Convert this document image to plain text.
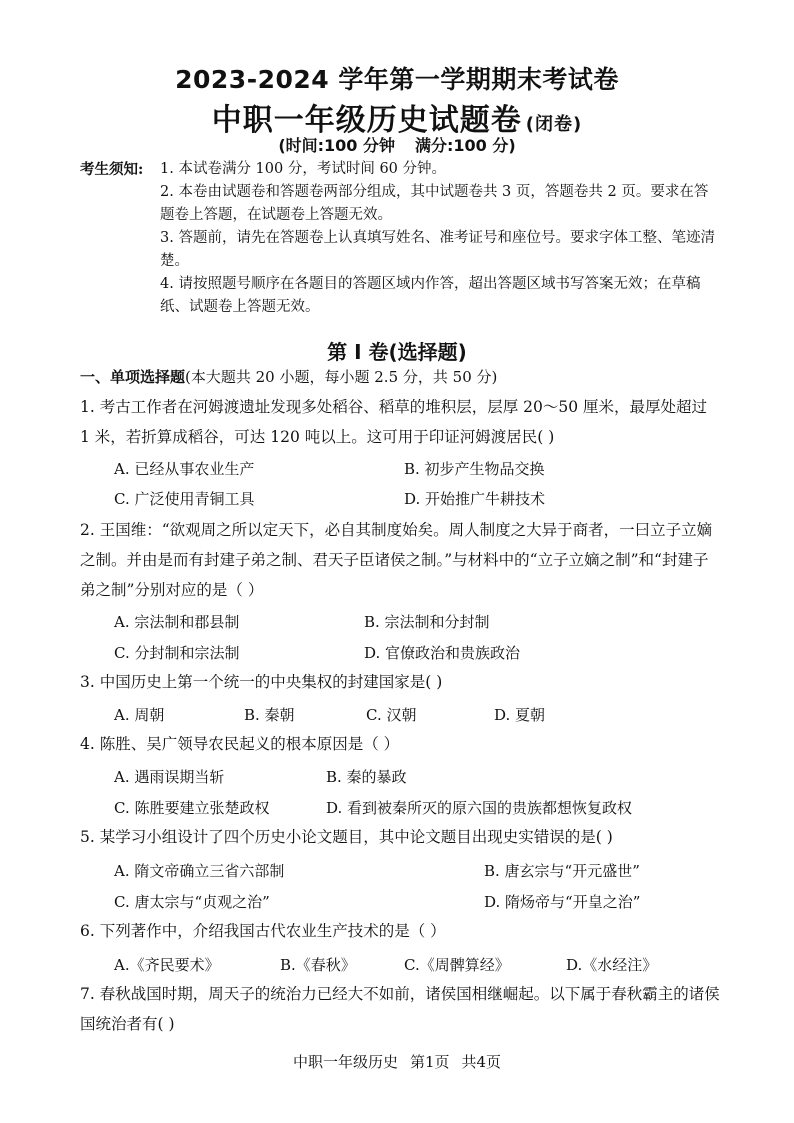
2023-2024 学年第一学期期末考试卷
中职一年级历史试题卷 (闭卷)
(时间:100 分钟 满分:100 分)
考生须知: 1. 本试卷满分 100 分，考试时间 60 分钟。
2. 本卷由试题卷和答题卷两部分组成，其中试题卷共 3 页，答题卷共 2 页。要求在答题卷上答题，在试题卷上答题无效。
3. 答题前，请先在答题卷上认真填写姓名、准考证号和座位号。要求字体工整、笔迹清楚。
4. 请按照题号顺序在各题目的答题区域内作答，超出答题区域书写答案无效；在草稿纸、试题卷上答题无效。
第 I 卷(选择题)
一、单项选择题(本大题共 20 小题，每小题 2.5 分，共 50 分)
1. 考古工作者在河姆渡遗址发现多处稻谷、稻草的堆积层，层厚 20～50 厘米，最厚处超过 1 米，若折算成稻谷，可达 120 吨以上。这可用于印证河姆渡居民( )
A. 已经从事农业生产	B. 初步产生物品交换
C. 广泛使用青铜工具	D. 开始推广牛耕技术
2. 王国维：“欲观周之所以定天下，必自其制度始矣。周人制度之大异于商者，一曰立子立嫡之制。并由是而有封建子弟之制、君天子臣诸侯之制。”与材料中的“立子立嫡之制”和“封建子弟之制”分别对应的是（ ）
A. 宗法制和郡县制	B. 宗法制和分封制
C. 分封制和宗法制	D. 官僚政治和贵族政治
3. 中国历史上第一个统一的中央集权的封建国家是( )
A. 周朝	B. 秦朝	C. 汉朝	D. 夏朝
4. 陈胜、吴广领导农民起义的根本原因是（ ）
A. 遇雨误期当斩	B. 秦的暴政
C. 陈胜要建立张楚政权	D. 看到被秦所灭的原六国的贵族都想恢复政权
5. 某学习小组设计了四个历史小论文题目，其中论文题目出现史实错误的是( )
A. 隋文帝确立三省六部制	B. 唐玄宗与“开元盛世”
C. 唐太宗与“贞观之治”	D. 隋炀帝与“开皇之治”
6. 下列著作中，介绍我国古代农业生产技术的是（ ）
A.《齐民要术》	B.《春秋》	C.《周髀算经》	D.《水经注》
7. 春秋战国时期，周天子的统治力已经大不如前，诸侯国相继崛起。以下属于春秋霸主的诸侯国统治者有( )
中职一年级历史 第1页 共4页
